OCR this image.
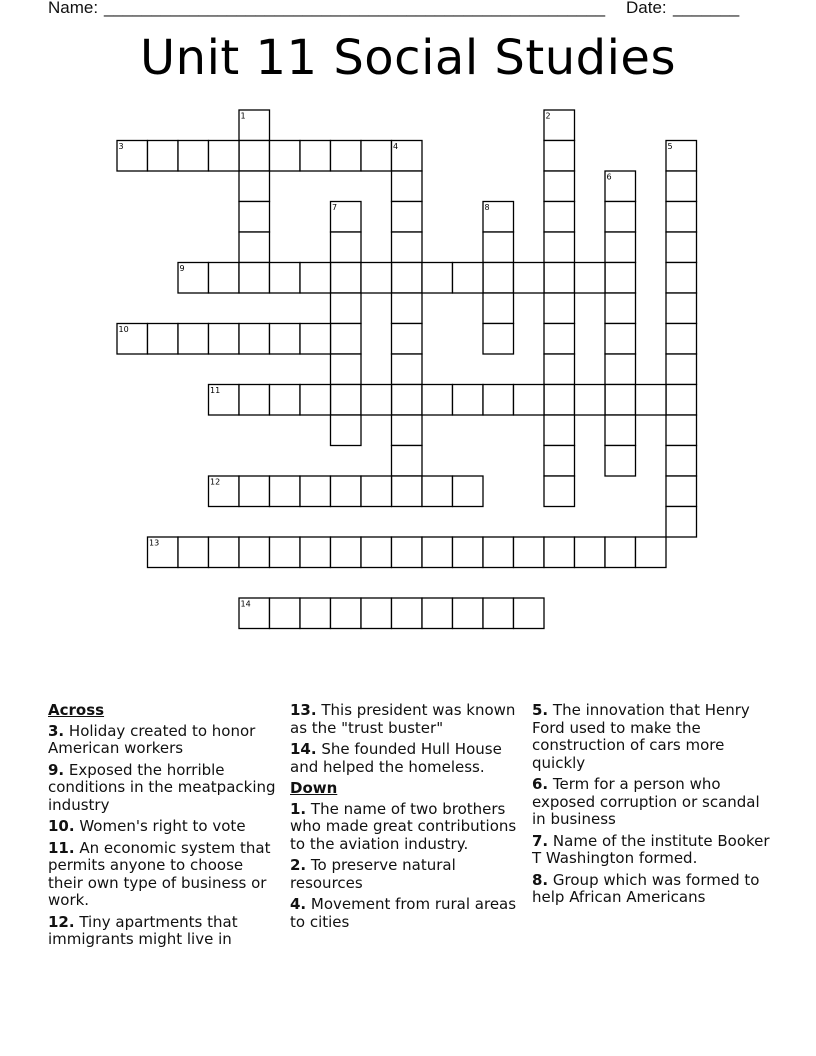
Name: _____________________________________________________ Date: _______
Unit 11 Social Studies
1	2
3	4	5
6
7	8
9
10
11
12
13
14
Across
3. Holiday created to honor American workers
9. Exposed the horrible conditions in the meatpacking industry
10. Women's right to vote
11. An economic system that permits anyone to choose their own type of business or work.
12. Tiny apartments that immigrants might live in
13. This president was known as the "trust buster"
14. She founded Hull House and helped the homeless.
Down
1. The name of two brothers who made great contributions to the aviation industry.
2. To preserve natural resources
4. Movement from rural areas to cities
5. The innovation that Henry Ford used to make the construction of cars more quickly
6. Term for a person who exposed corruption or scandal in business
7. Name of the institute Booker T Washington formed.
8. Group which was formed to help African Americans
